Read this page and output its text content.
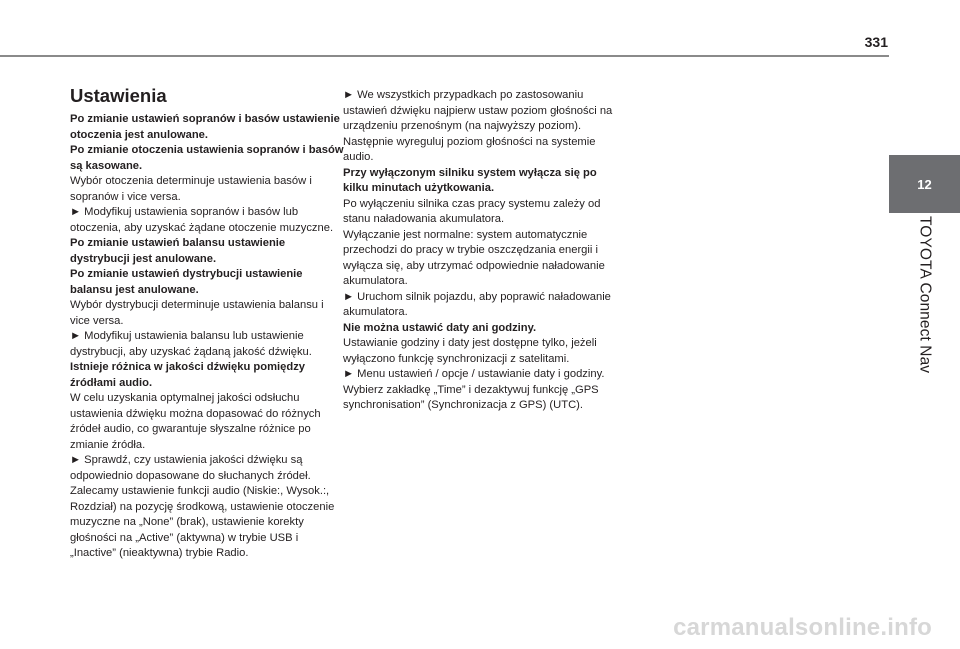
331
12
TOYOTA Connect Nav
Ustawienia

Po zmianie ustawień sopranów i basów ustawienie otoczenia jest anulowane.

Po zmianie otoczenia ustawienia sopranów i basów są kasowane.

Wybór otoczenia determinuje ustawienia basów i sopranów i vice versa.

► Modyfikuj ustawienia sopranów i basów lub otoczenia, aby uzyskać żądane otoczenie muzyczne.

Po zmianie ustawień balansu ustawienie dystrybucji jest anulowane.

Po zmianie ustawień dystrybucji ustawienie balansu jest anulowane.

Wybór dystrybucji determinuje ustawienia balansu i vice versa.

► Modyfikuj ustawienia balansu lub ustawienie dystrybucji, aby uzyskać żądaną jakość dźwięku.

Istnieje różnica w jakości dźwięku pomiędzy źródłami audio.

W celu uzyskania optymalnej jakości odsłuchu ustawienia dźwięku można dopasować do różnych źródeł audio, co gwarantuje słyszalne różnice po zmianie źródła.

► Sprawdź, czy ustawienia jakości dźwięku są odpowiednio dopasowane do słuchanych źródeł. Zalecamy ustawienie funkcji audio (Niskie:, Wysok.:, Rozdział) na pozycję środkową, ustawienie otoczenie muzyczne na „None” (brak), ustawienie korekty głośności na „Active” (aktywna) w trybie USB i „Inactive” (nieaktywna) trybie Radio.

► We wszystkich przypadkach po zastosowaniu ustawień dźwięku najpierw ustaw poziom głośności na urządzeniu przenośnym (na najwyższy poziom). Następnie wyreguluj poziom głośności na systemie audio.

Przy wyłączonym silniku system wyłącza się po kilku minutach użytkowania.

Po wyłączeniu silnika czas pracy systemu zależy od stanu naładowania akumulatora.

Wyłączanie jest normalne: system automatycznie przechodzi do pracy w trybie oszczędzania energii i wyłącza się, aby utrzymać odpowiednie naładowanie akumulatora.

► Uruchom silnik pojazdu, aby poprawić naładowanie akumulatora.

Nie można ustawić daty ani godziny.

Ustawianie godziny i daty jest dostępne tylko, jeżeli wyłączono funkcję synchronizacji z satelitami.

► Menu ustawień / opcje / ustawianie daty i godziny. Wybierz zakładkę „Time” i dezaktywuj funkcję „GPS synchronisation” (Synchronizacja z GPS) (UTC).

carmanualsonline.info
